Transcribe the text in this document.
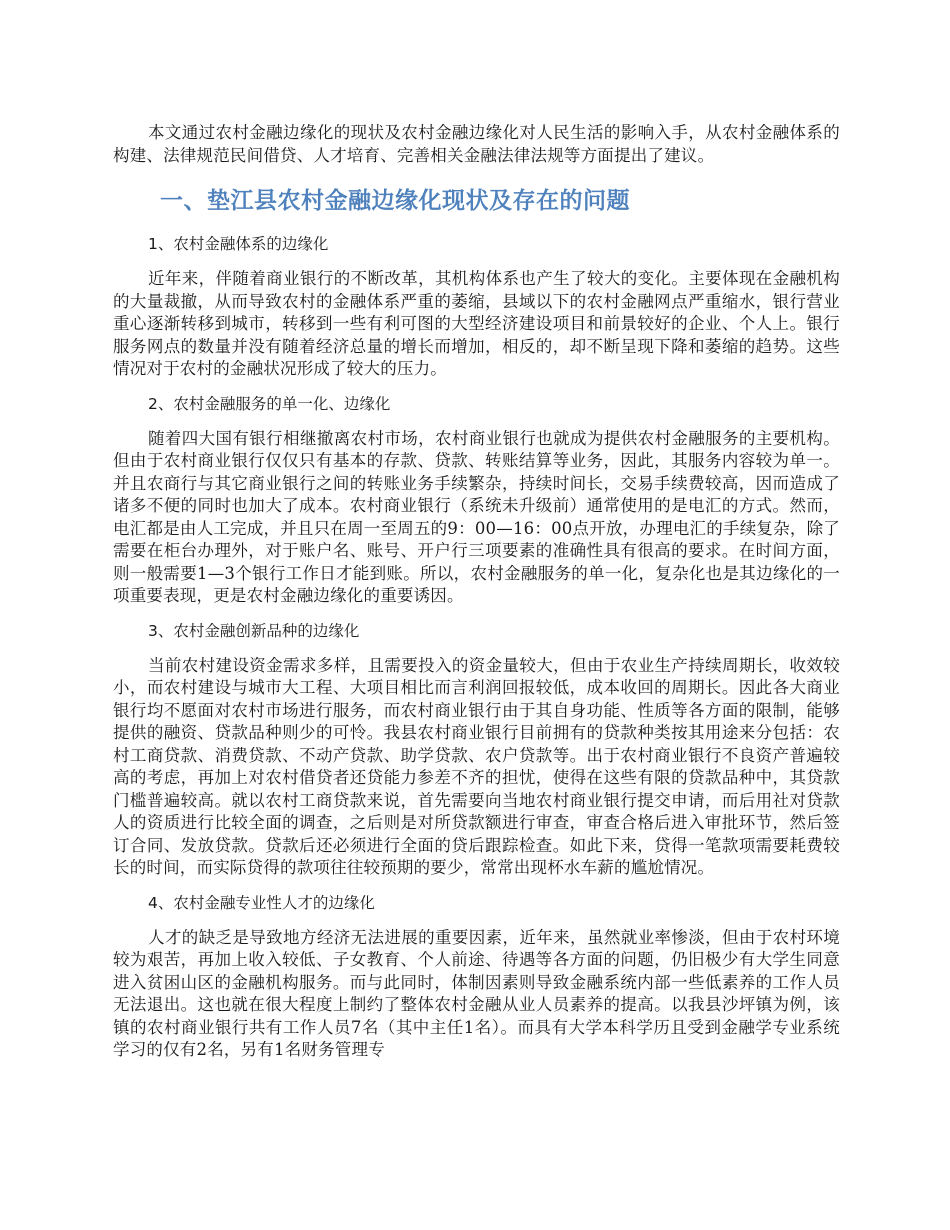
本文通过农村金融边缘化的现状及农村金融边缘化对人民生活的影响入手，从农村金融体系的构建、法律规范民间借贷、人才培育、完善相关金融法律法规等方面提出了建议。

一、垫江县农村金融边缘化现状及存在的问题
1、农村金融体系的边缘化

近年来，伴随着商业银行的不断改革，其机构体系也产生了较大的变化。主要体现在金融机构的大量裁撤，从而导致农村的金融体系严重的萎缩，县域以下的农村金融网点严重缩水，银行营业重心逐渐转移到城市，转移到一些有利可图的大型经济建设项目和前景较好的企业、个人上。银行服务网点的数量并没有随着经济总量的增长而增加，相反的，却不断呈现下降和萎缩的趋势。这些情况对于农村的金融状况形成了较大的压力。

2、农村金融服务的单一化、边缘化

随着四大国有银行相继撤离农村市场，农村商业银行也就成为提供农村金融服务的主要机构。但由于农村商业银行仅仅只有基本的存款、贷款、转账结算等业务，因此，其服务内容较为单一。并且农商行与其它商业银行之间的转账业务手续繁杂，持续时间长，交易手续费较高，因而造成了诸多不便的同时也加大了成本。农村商业银行（系统未升级前）通常使用的是电汇的方式。然而，电汇都是由人工完成，并且只在周一至周五的9：00—16：00点开放，办理电汇的手续复杂，除了需要在柜台办理外，对于账户名、账号、开户行三项要素的准确性具有很高的要求。在时间方面，则一般需要1—3个银行工作日才能到账。所以，农村金融服务的单一化，复杂化也是其边缘化的一项重要表现，更是农村金融边缘化的重要诱因。

3、农村金融创新品种的边缘化

当前农村建设资金需求多样，且需要投入的资金量较大，但由于农业生产持续周期长，收效较小，而农村建设与城市大工程、大项目相比而言利润回报较低，成本收回的周期长。因此各大商业银行均不愿面对农村市场进行服务，而农村商业银行由于其自身功能、性质等各方面的限制，能够提供的融资、贷款品种则少的可怜。我县农村商业银行目前拥有的贷款种类按其用途来分包括：农村工商贷款、消费贷款、不动产贷款、助学贷款、农户贷款等。出于农村商业银行不良资产普遍较高的考虑，再加上对农村借贷者还贷能力参差不齐的担忧，使得在这些有限的贷款品种中，其贷款门槛普遍较高。就以农村工商贷款来说，首先需要向当地农村商业银行提交申请，而后用社对贷款人的资质进行比较全面的调查，之后则是对所贷款额进行审查，审查合格后进入审批环节，然后签订合同、发放贷款。贷款后还必须进行全面的贷后跟踪检查。如此下来，贷得一笔款项需要耗费较长的时间，而实际贷得的款项往往较预期的要少，常常出现杯水车薪的尴尬情况。

4、农村金融专业性人才的边缘化

人才的缺乏是导致地方经济无法进展的重要因素，近年来，虽然就业率惨淡，但由于农村环境较为艰苦，再加上收入较低、子女教育、个人前途、待遇等各方面的问题，仍旧极少有大学生同意进入贫困山区的金融机构服务。而与此同时，体制因素则导致金融系统内部一些低素养的工作人员无法退出。这也就在很大程度上制约了整体农村金融从业人员素养的提高。以我县沙坪镇为例，该镇的农村商业银行共有工作人员7名（其中主任1名）。而具有大学本科学历且受到金融学专业系统学习的仅有2名，另有1名财务管理专
